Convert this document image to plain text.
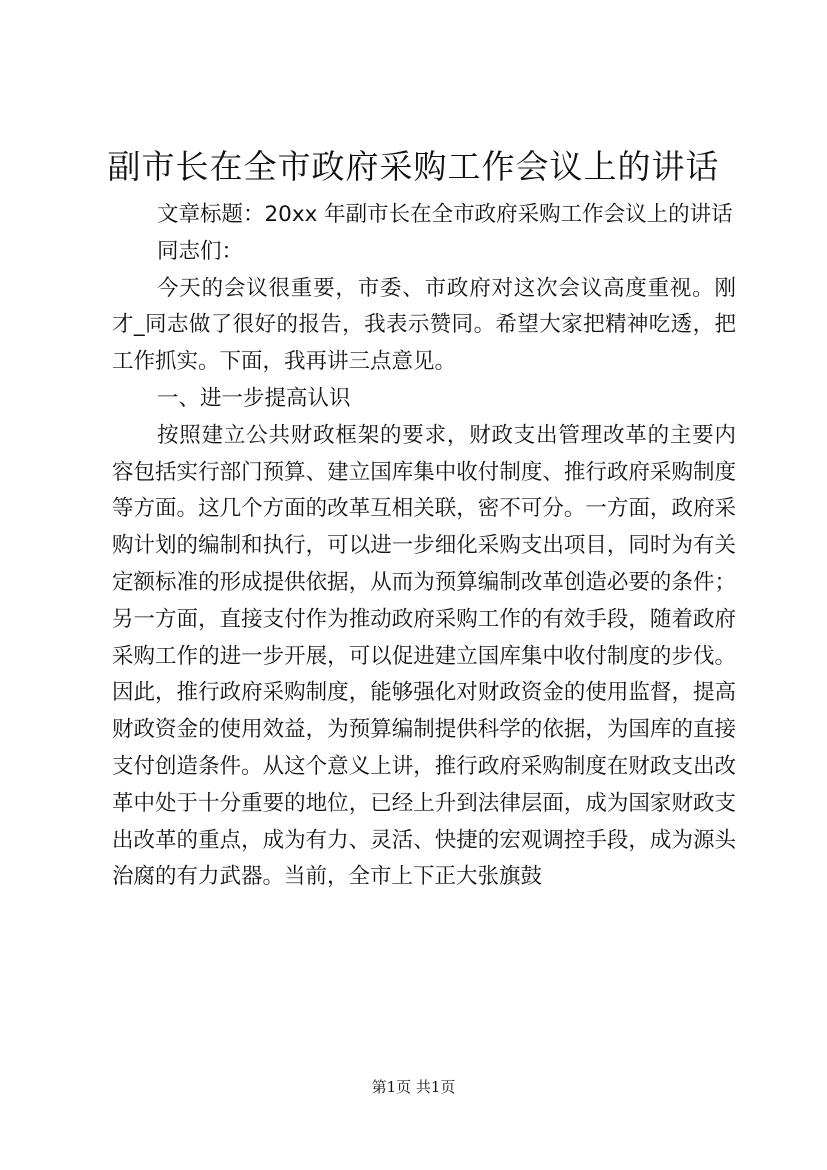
副市长在全市政府采购工作会议上的讲话

文章标题：20xx 年副市长在全市政府采购工作会议上的讲话

同志们：

今天的会议很重要，市委、市政府对这次会议高度重视。刚才_同志做了很好的报告，我表示赞同。希望大家把精神吃透，把工作抓实。下面，我再讲三点意见。

一、进一步提高认识

按照建立公共财政框架的要求，财政支出管理改革的主要内容包括实行部门预算、建立国库集中收付制度、推行政府采购制度等方面。这几个方面的改革互相关联，密不可分。一方面，政府采购计划的编制和执行，可以进一步细化采购支出项目，同时为有关定额标准的形成提供依据，从而为预算编制改革创造必要的条件；另一方面，直接支付作为推动政府采购工作的有效手段，随着政府采购工作的进一步开展，可以促进建立国库集中收付制度的步伐。因此，推行政府采购制度，能够强化对财政资金的使用监督，提高财政资金的使用效益，为预算编制提供科学的依据，为国库的直接支付创造条件。从这个意义上讲，推行政府采购制度在财政支出改革中处于十分重要的地位，已经上升到法律层面，成为国家财政支出改革的重点，成为有力、灵活、快捷的宏观调控手段，成为源头治腐的有力武器。当前，全市上下正大张旗鼓

第1页 共1页
